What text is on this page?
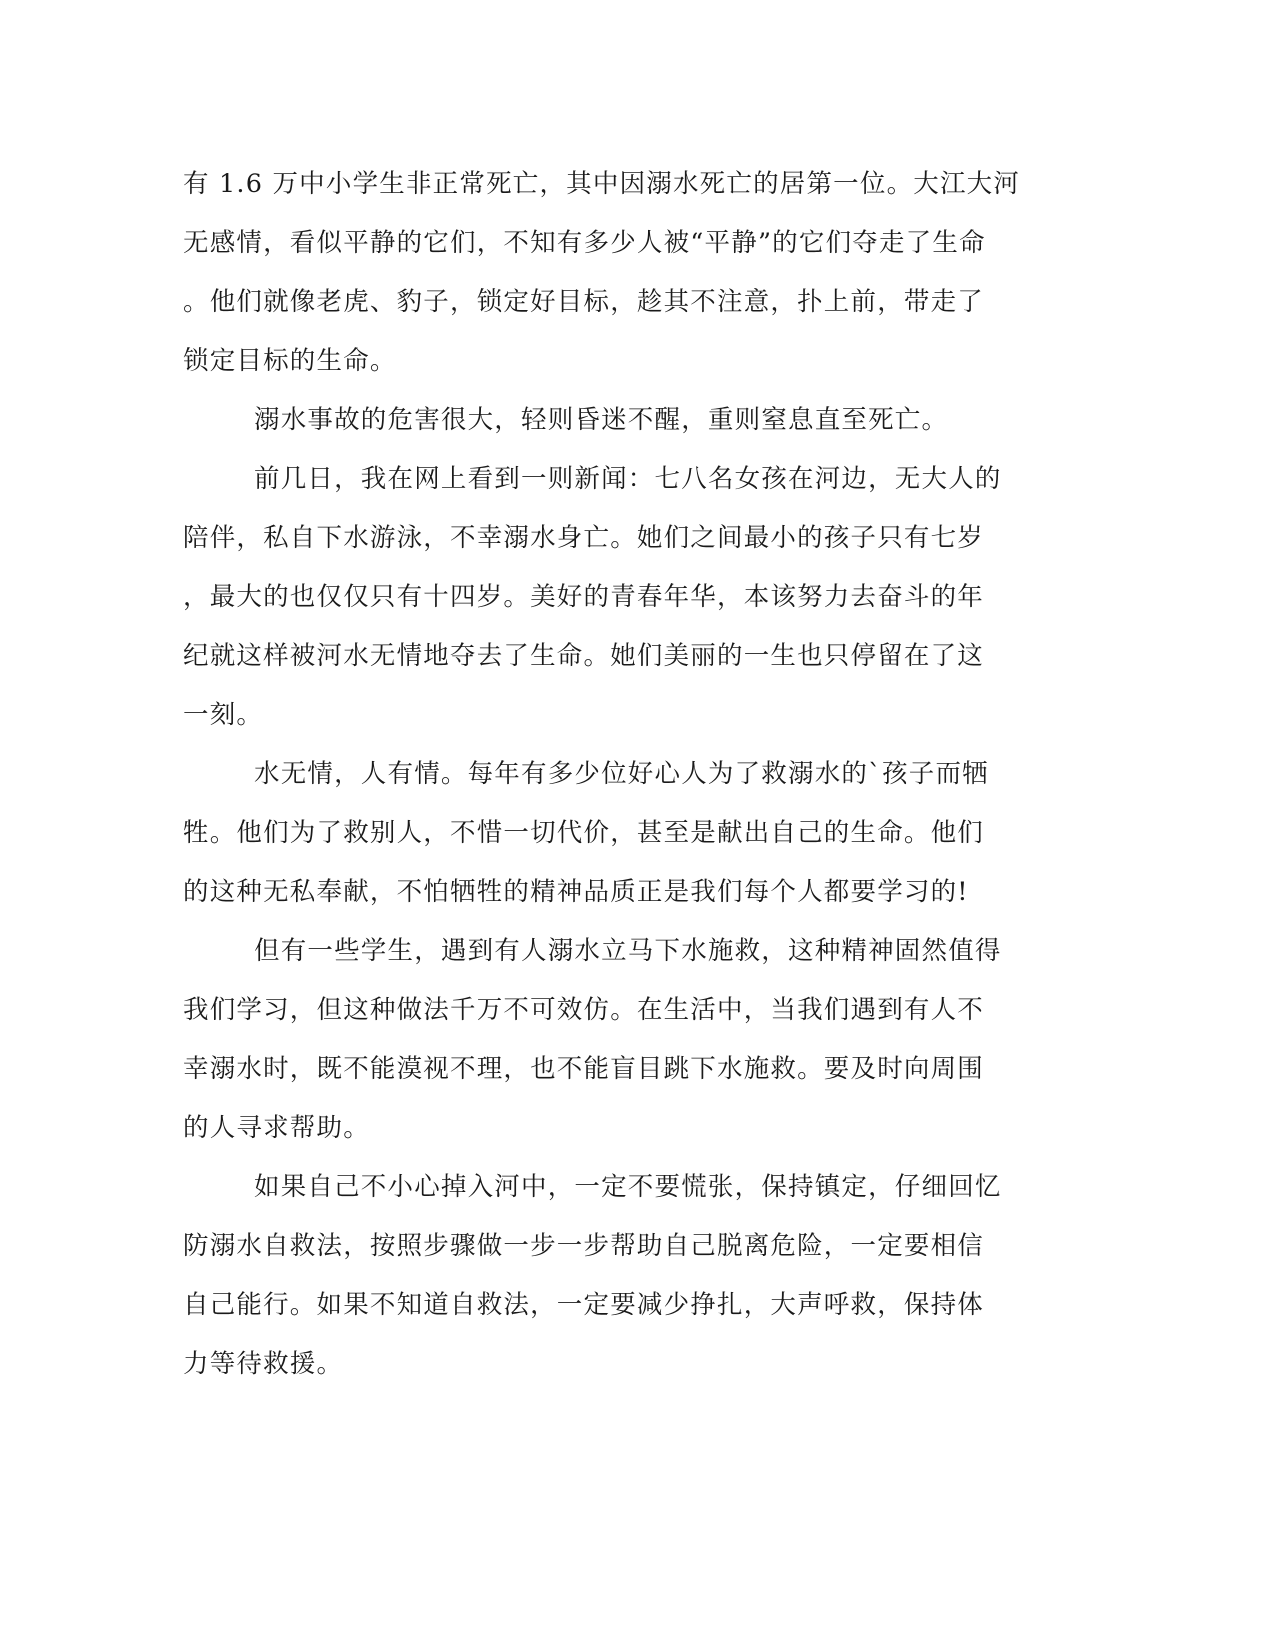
有 1.6 万中小学生非正常死亡，其中因溺水死亡的居第一位。大江大河
无感情，看似平静的它们，不知有多少人被“平静”的它们夺走了生命
。他们就像老虎、豹子，锁定好目标，趁其不注意，扑上前，带走了
锁定目标的生命。
溺水事故的危害很大，轻则昏迷不醒，重则窒息直至死亡。
前几日，我在网上看到一则新闻：七八名女孩在河边，无大人的
陪伴，私自下水游泳，不幸溺水身亡。她们之间最小的孩子只有七岁
，最大的也仅仅只有十四岁。美好的青春年华，本该努力去奋斗的年
纪就这样被河水无情地夺去了生命。她们美丽的一生也只停留在了这
一刻。
水无情，人有情。每年有多少位好心人为了救溺水的`孩子而牺
牲。他们为了救别人，不惜一切代价，甚至是献出自己的生命。他们
的这种无私奉献，不怕牺牲的精神品质正是我们每个人都要学习的!
但有一些学生，遇到有人溺水立马下水施救，这种精神固然值得
我们学习，但这种做法千万不可效仿。在生活中，当我们遇到有人不
幸溺水时，既不能漠视不理，也不能盲目跳下水施救。要及时向周围
的人寻求帮助。
如果自己不小心掉入河中，一定不要慌张，保持镇定，仔细回忆
防溺水自救法，按照步骤做一步一步帮助自己脱离危险，一定要相信
自己能行。如果不知道自救法，一定要减少挣扎，大声呼救，保持体
力等待救援。
